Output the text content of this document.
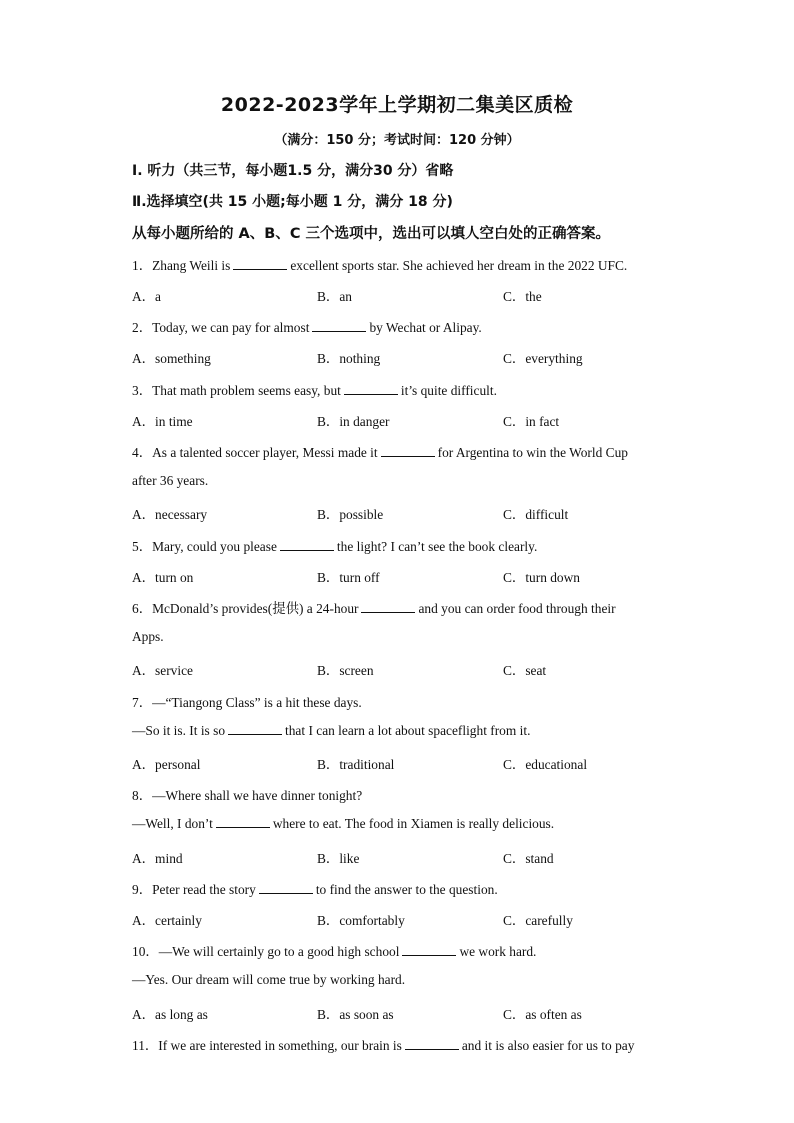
2022-2023学年上学期初二集美区质检
（满分：150 分；考试时间：120 分钟）
Ⅰ. 听力（共三节，每小题1.5 分，满分30 分）省略
Ⅱ.选择填空(共 15 小题;每小题 1 分，满分 18 分)
从每小题所给的 A、B、C 三个选项中，选出可以填人空白处的正确答案。
1．Zhang Weili is	excellent sports star. She achieved her dream in the 2022 UFC.
A．a	B．an	C．the
2．Today, we can pay for almost	by Wechat or Alipay.
A．something	B．nothing	C．everything
3．That math problem seems easy, but	it’s quite difficult.
A．in time	B．in danger	C．in fact
4．As a talented soccer player, Messi made it	for Argentina to win the World Cup
after 36 years.
A．necessary	B．possible	C．difficult
5．Mary, could you please	the light? I can’t see the book clearly.
A．turn on	B．turn off	C．turn down
6．McDonald’s provides(提供) a 24-hour	and you can order food through their
Apps.
A．service	B．screen	C．seat
7．—“Tiangong Class” is a hit these days.
—So it is. It is so	that I can learn a lot about spaceflight from it.
A．personal	B．traditional	C．educational
8．—Where shall we have dinner tonight?
—Well, I don’t	where to eat. The food in Xiamen is really delicious.
A．mind	B．like	C．stand
9．Peter read the story	to find the answer to the question.
A．certainly	B．comfortably	C．carefully
10．—We will certainly go to a good high school	we work hard.
—Yes. Our dream will come true by working hard.
A．as long as	B．as soon as	C．as often as
11．If we are interested in something, our brain is	and it is also easier for us to pay
